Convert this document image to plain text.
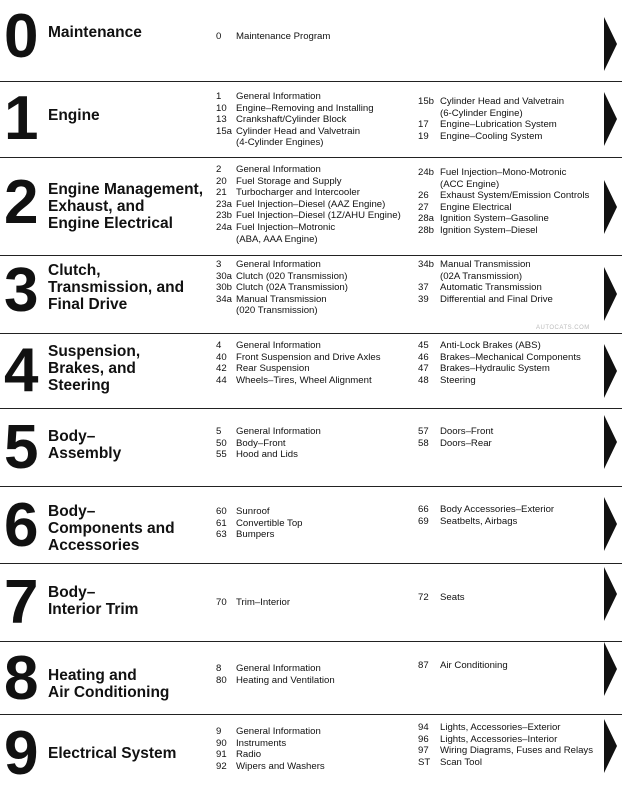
0 Maintenance	0	Maintenance Program
1 Engine
1	General Information
10 Engine–Removing and Installing
13 Crankshaft/Cylinder Block
15a Cylinder Head and Valvetrain
(4-Cylinder Engines)
15b Cylinder Head and Valvetrain
(6-Cylinder Engine)
17	Engine–Lubrication System
19	Engine–Cooling System
2 Engine Management,
Exhaust, and
Engine Electrical
2	General Information
20 Fuel Storage and Supply
21 Turbocharger and Intercooler
23a Fuel Injection–Diesel (AAZ Engine)
23b Fuel Injection–Diesel (1Z/AHU Engine)
24a Fuel Injection–Motronic
(ABA, AAA Engine)
24b Fuel Injection–Mono-Motronic
(ACC Engine)
26	Exhaust System/Emission Controls
27	Engine Electrical
28a Ignition System–Gasoline
28b Ignition System–Diesel
3 Clutch,
Transmission, and
Final Drive
3	General Information
30a Clutch (020 Transmission)
30b Clutch (02A Transmission)
34a Manual Transmission
(020 Transmission)
34b Manual Transmission
(02A Transmission)
37	Automatic Transmission
39	Differential and Final Drive
4 Suspension,
Brakes, and
Steering
4	General Information
40 Front Suspension and Drive Axles
42 Rear Suspension
44 Wheels–Tires, Wheel Alignment
45	Anti-Lock Brakes (ABS)
46	Brakes–Mechanical Components
47	Brakes–Hydraulic System
48	Steering
5 Body–
Assembly
5	General Information
50 Body–Front
55 Hood and Lids
57	Doors–Front
58	Doors–Rear
6 Body–
Components and
Accessories
60 Sunroof
61 Convertible Top
63 Bumpers
66	Body Accessories–Exterior
69	Seatbelts, Airbags
7 Body–
Interior Trim	70 Trim–Interior	72	Seats
8 Heating and
Air Conditioning
8	General Information
80 Heating and Ventilation
87	Air Conditioning
9 Electrical System
9	General Information
90 Instruments
91 Radio
92 Wipers and Washers
94	Lights, Accessories–Exterior
96	Lights, Accessories–Interior
97	Wiring Diagrams, Fuses and Relays
ST	Scan Tool
AUTOCATS.COM
